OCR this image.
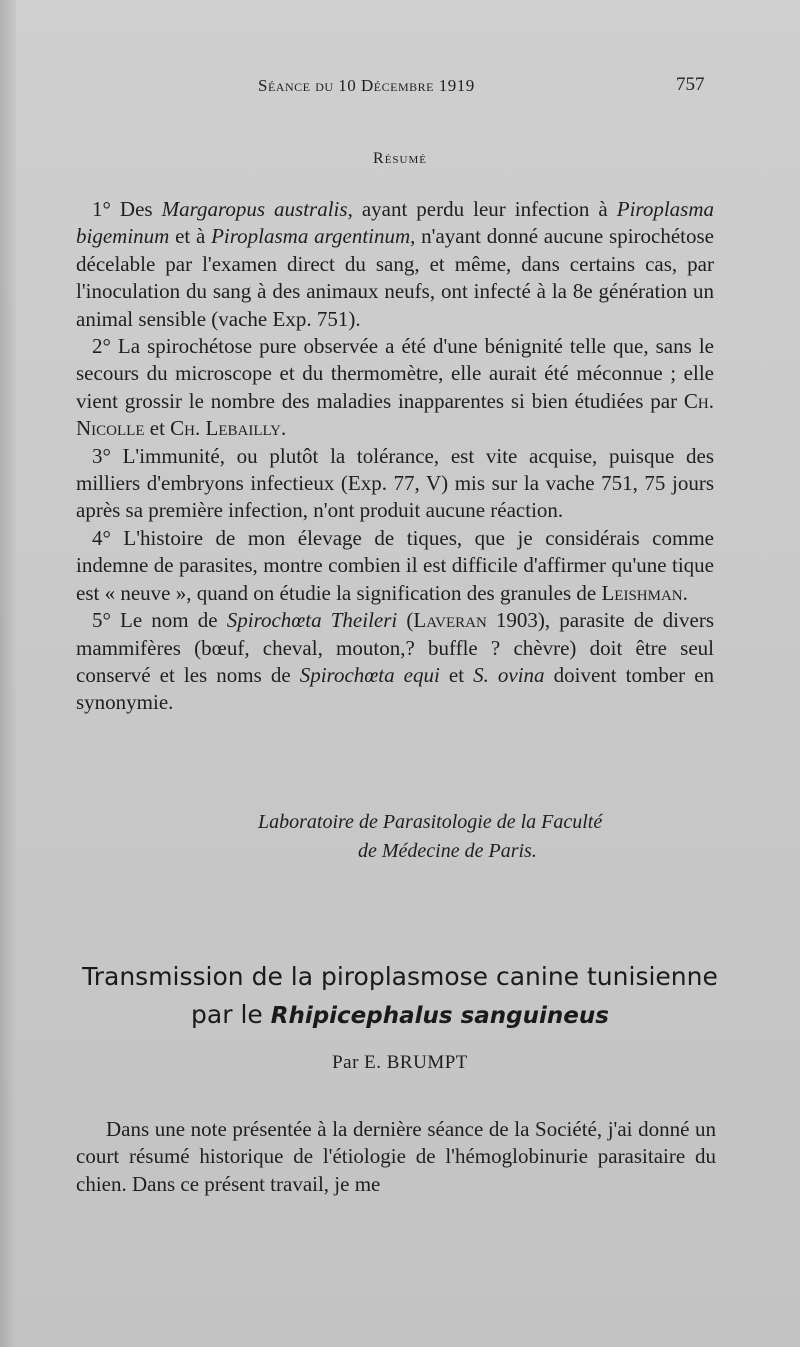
Séance du 10 Décembre 1919	757
Résumé

1° Des Margaropus australis, ayant perdu leur infection à Piroplasma bigeminum et à Piroplasma argentinum, n'ayant donné aucune spirochétose décelable par l'examen direct du sang, et même, dans certains cas, par l'inoculation du sang à des animaux neufs, ont infecté à la 8e génération un animal sensible (vache Exp. 751).

2° La spirochétose pure observée a été d'une bénignité telle que, sans le secours du microscope et du thermomètre, elle aurait été méconnue ; elle vient grossir le nombre des maladies inapparentes si bien étudiées par Ch. Nicolle et Ch. Lebailly.

3° L'immunité, ou plutôt la tolérance, est vite acquise, puisque des milliers d'embryons infectieux (Exp. 77, V) mis sur la vache 751, 75 jours après sa première infection, n'ont produit aucune réaction.

4° L'histoire de mon élevage de tiques, que je considérais comme indemne de parasites, montre combien il est difficile d'affirmer qu'une tique est « neuve », quand on étudie la signification des granules de Leishman.

5° Le nom de Spirochœta Theileri (Laveran 1903), parasite de divers mammifères (bœuf, cheval, mouton,? buffle ? chèvre) doit être seul conservé et les noms de Spirochœta equi et S. ovina doivent tomber en synonymie.

Laboratoire de Parasitologie de la Faculté
de Médecine de Paris.
Transmission de la piroplasmose canine tunisienne
par le Rhipicephalus sanguineus
Par E. BRUMPT

Dans une note présentée à la dernière séance de la Société, j'ai donné un court résumé historique de l'étiologie de l'hémoglobinurie parasitaire du chien. Dans ce présent travail, je me
